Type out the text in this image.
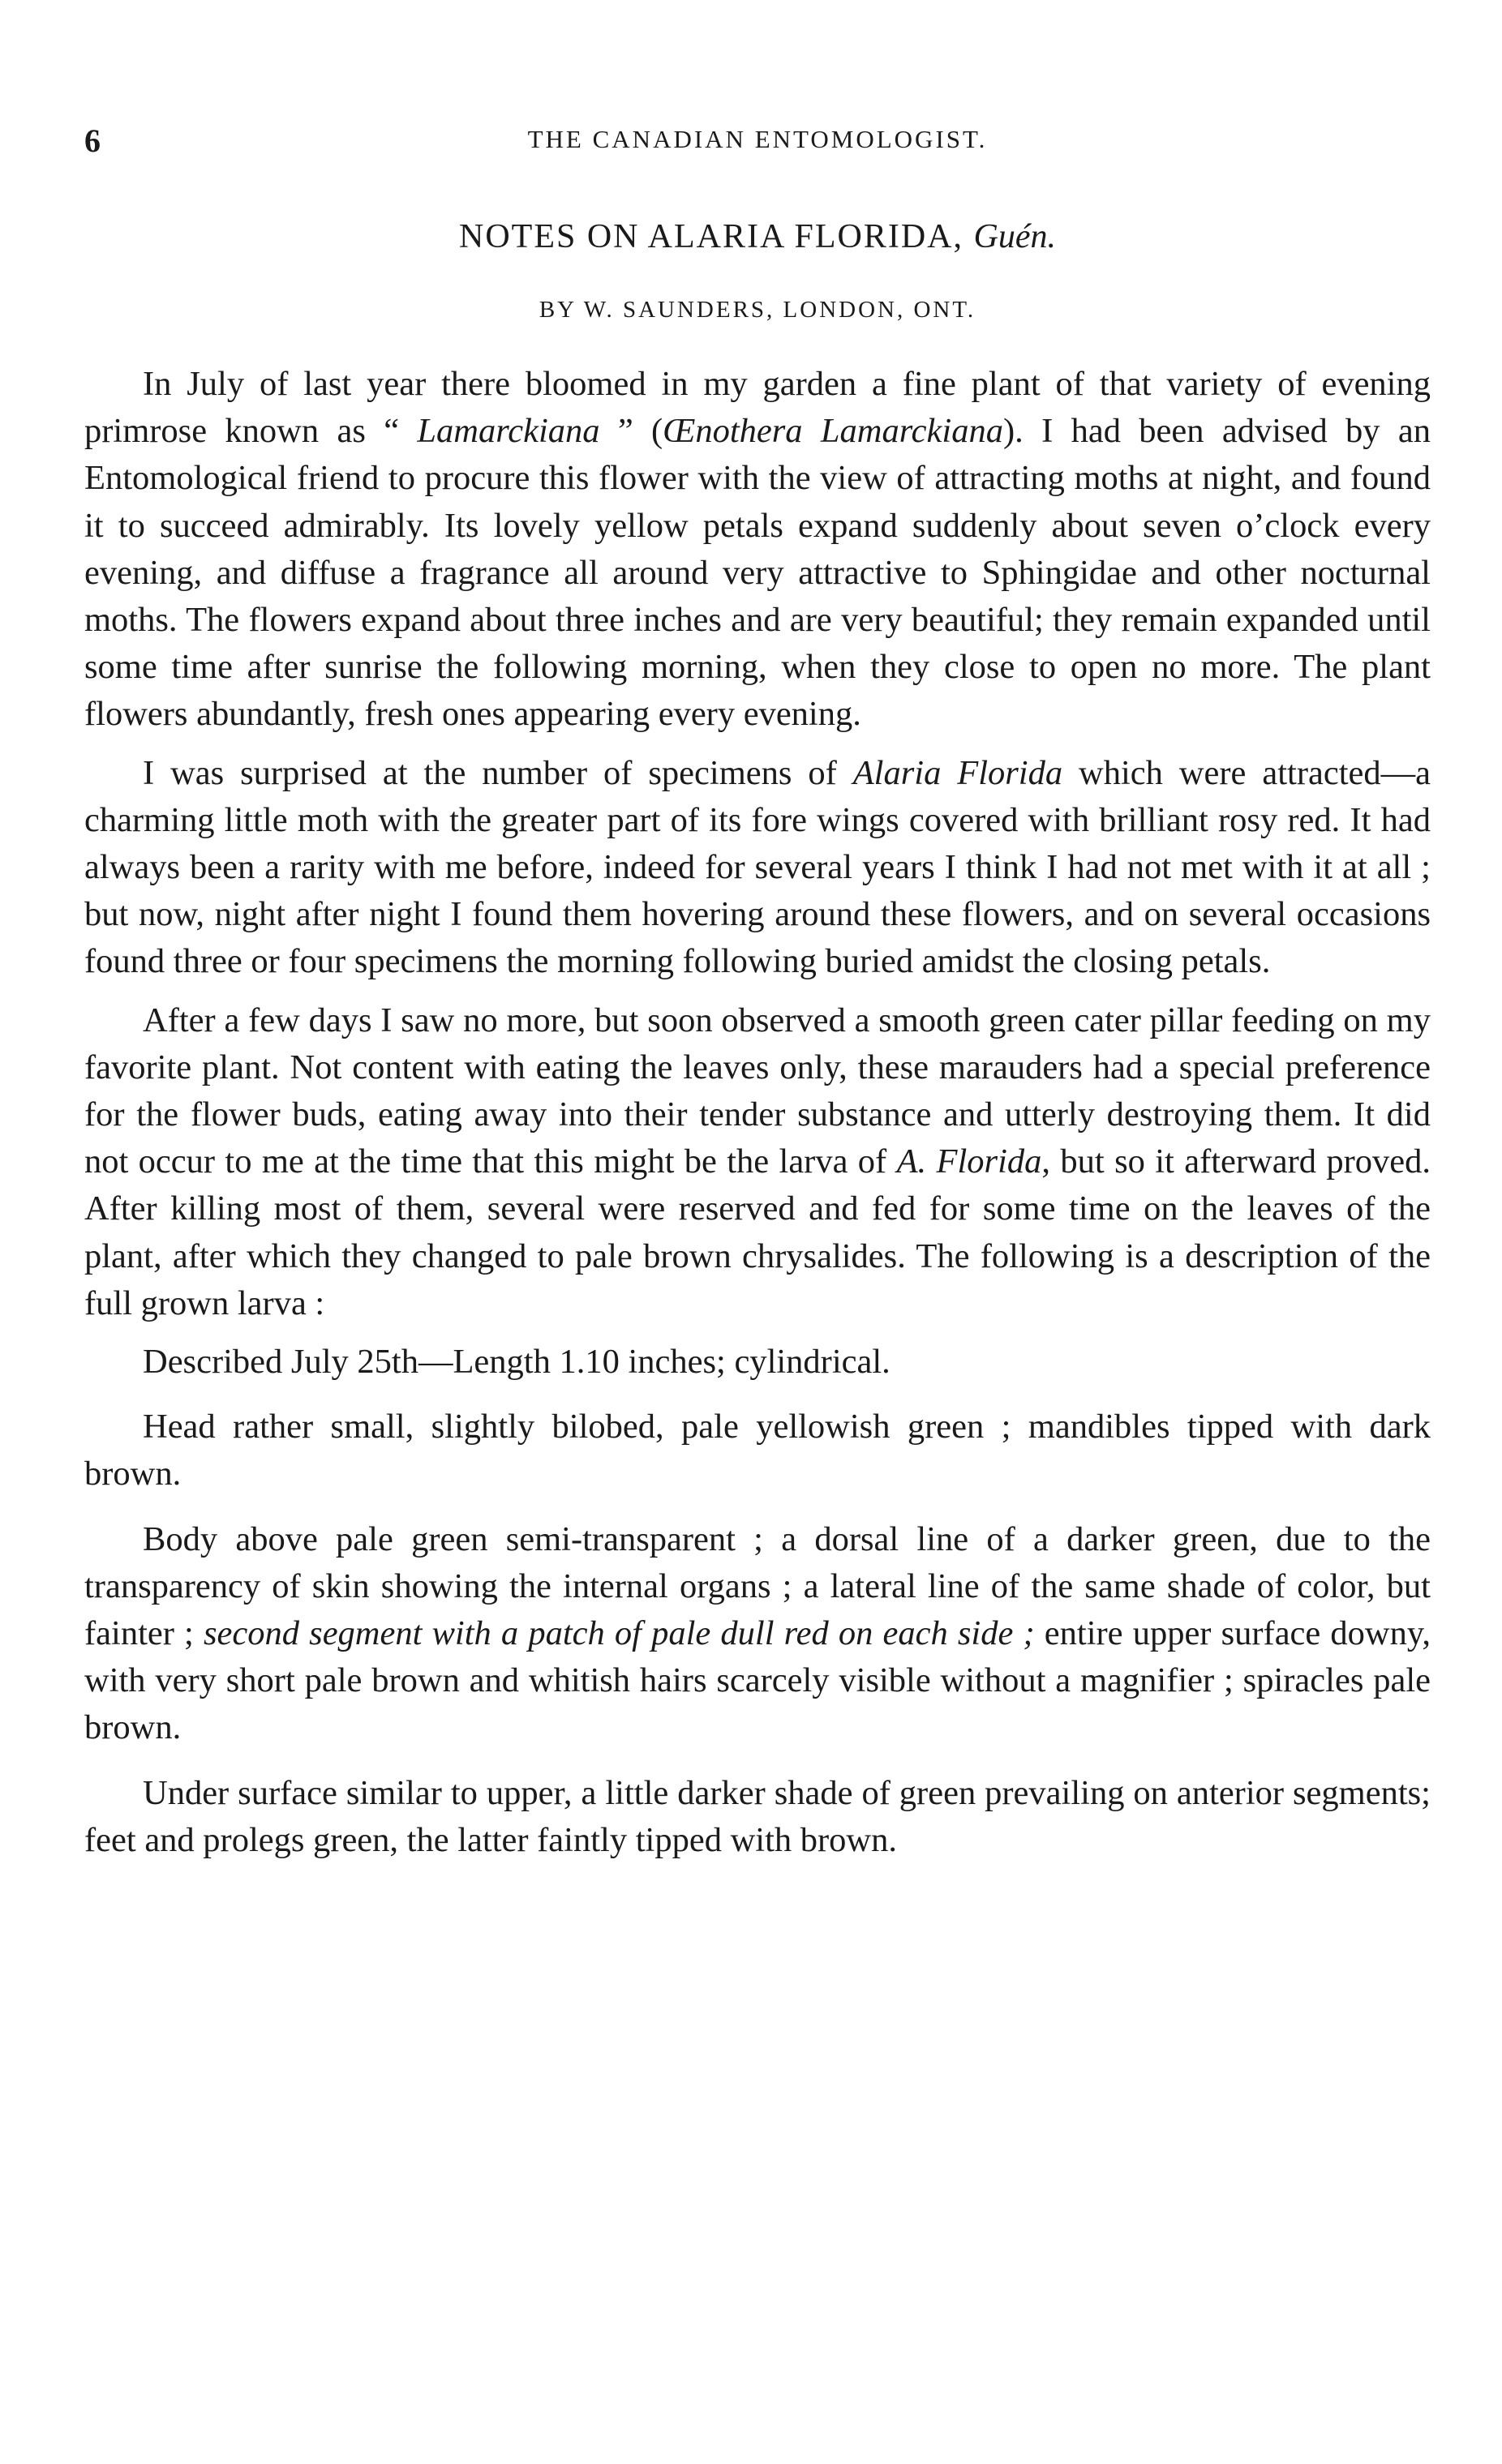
6	THE CANADIAN ENTOMOLOGIST.
NOTES ON ALARIA FLORIDA, Guén.
BY W. SAUNDERS, LONDON, ONT.

In July of last year there bloomed in my garden a fine plant of that variety of evening primrose known as “ Lamarckiana ” (Œnothera Lamarckiana). I had been advised by an Entomological friend to procure this flower with the view of attracting moths at night, and found it to succeed admirably. Its lovely yellow petals expand suddenly about seven o’clock every evening, and diffuse a fragrance all around very attractive to Sphingidae and other nocturnal moths. The flowers expand about three inches and are very beautiful; they remain expanded until some time after sunrise the following morning, when they close to open no more. The plant flowers abundantly, fresh ones appearing every evening.

I was surprised at the number of specimens of Alaria Florida which were attracted—a charming little moth with the greater part of its fore wings covered with brilliant rosy red. It had always been a rarity with me before, indeed for several years I think I had not met with it at all ; but now, night after night I found them hovering around these flowers, and on several occasions found three or four specimens the morning following buried amidst the closing petals.

After a few days I saw no more, but soon observed a smooth green cater pillar feeding on my favorite plant. Not content with eating the leaves only, these marauders had a special preference for the flower buds, eating away into their tender substance and utterly destroying them. It did not occur to me at the time that this might be the larva of A. Florida, but so it afterward proved. After killing most of them, several were reserved and fed for some time on the leaves of the plant, after which they changed to pale brown chrysalides. The following is a description of the full grown larva :

Described July 25th—Length 1.10 inches; cylindrical.

Head rather small, slightly bilobed, pale yellowish green ; mandibles tipped with dark brown.

Body above pale green semi-transparent ; a dorsal line of a darker green, due to the transparency of skin showing the internal organs ; a lateral line of the same shade of color, but fainter ; second segment with a patch of pale dull red on each side ; entire upper surface downy, with very short pale brown and whitish hairs scarcely visible without a magnifier ; spiracles pale brown.

Under surface similar to upper, a little darker shade of green prevailing on anterior segments; feet and prolegs green, the latter faintly tipped with brown.
